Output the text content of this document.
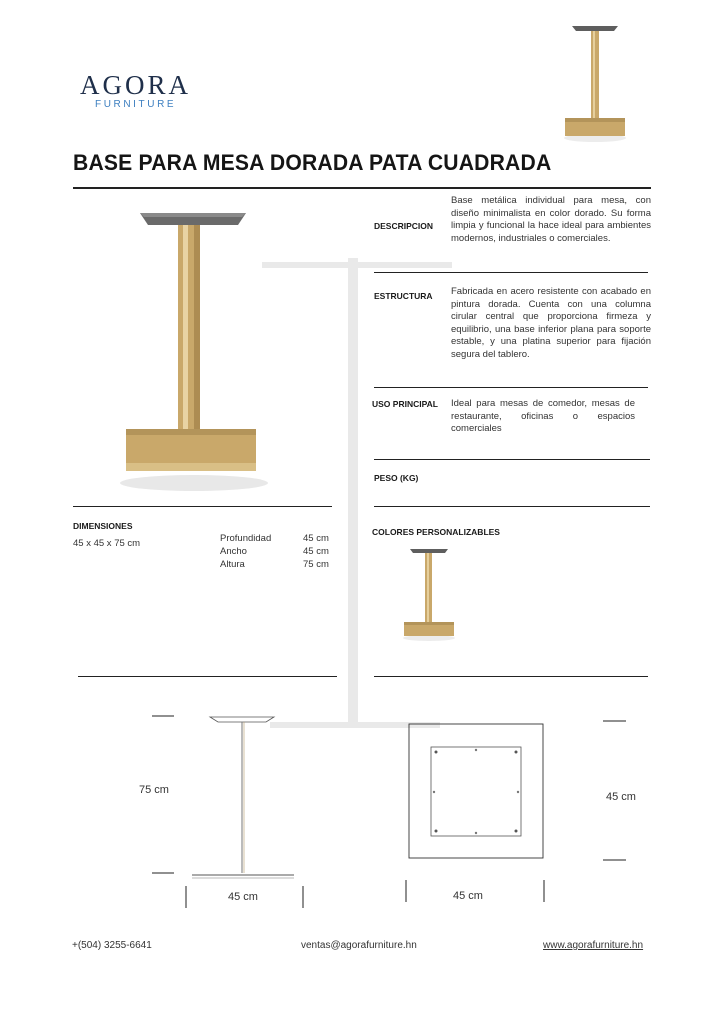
AGORA
FURNITURE
BASE PARA MESA DORADA PATA CUADRADA
DESCRIPCION
Base metálica individual para mesa, con diseño minimalista en color dorado. Su forma limpia y funcional la hace ideal para ambientes modernos, industriales o comerciales.
ESTRUCTURA Fabricada en acero resistente con acabado en pintura dorada. Cuenta con una columna cirular central que proporciona firmeza y equilibrio, una base inferior plana para soporte estable, y una platina superior para fijación segura del tablero.
USO PRINCIPAL Ideal para mesas de comedor, mesas de restaurante, oficinas o espacios comerciales
PESO (KG)
COLORES PERSONALIZABLES
DIMENSIONES
45 x 45 x 75 cm	Profundidad	45 cm
Ancho	45 cm
Altura	75 cm
75 cm
45 cm	45 cm
45 cm
+(504) 3255-6641	ventas@agorafurniture.hn	www.agorafurniture.hn
